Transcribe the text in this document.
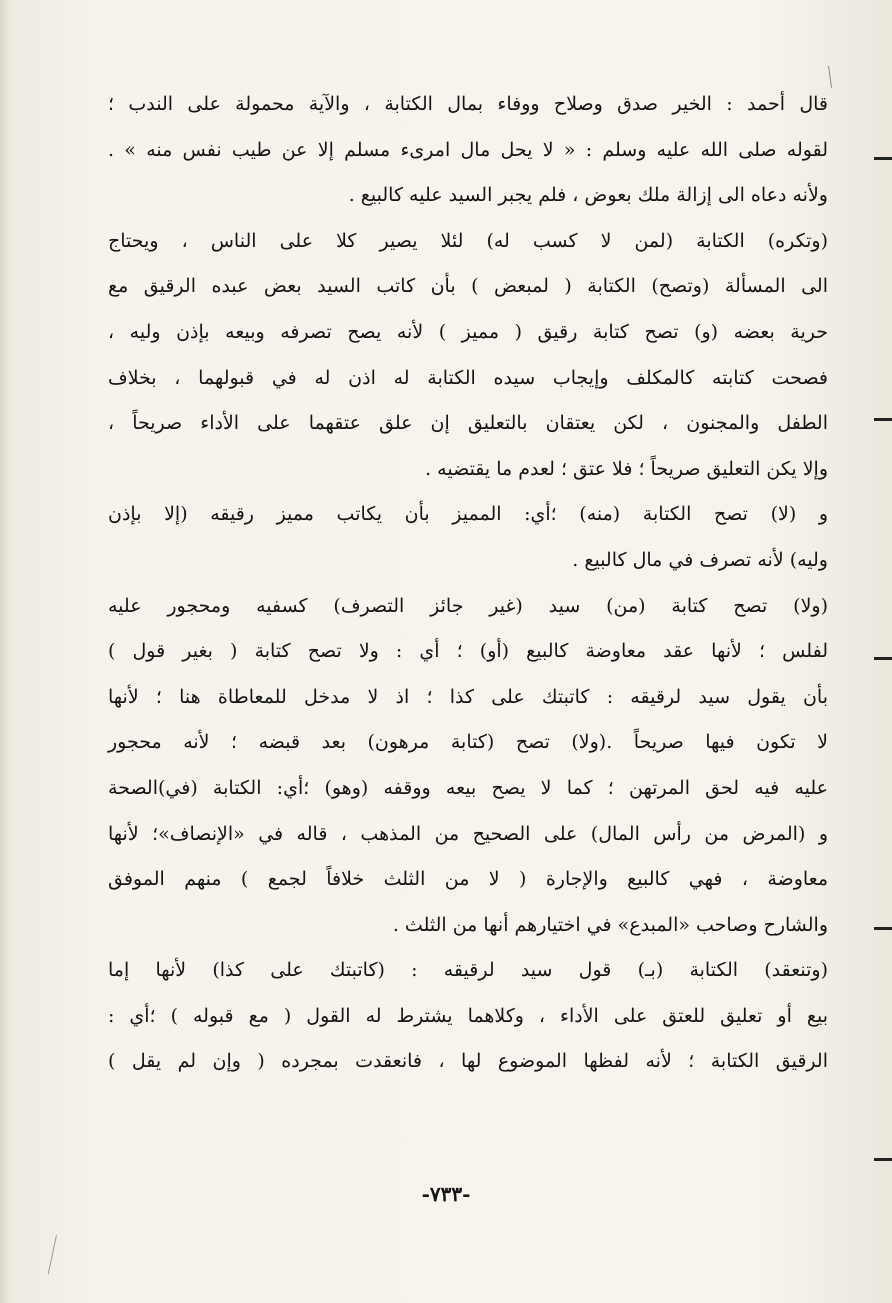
قال أحمد : الخير صدق وصلاح ووفاء بمال الكتابة ، والآية محمولة على الندب ؛
لقوله صلى الله عليه وسلم : « لا يحل مال امرىء مسلم إلا عن طيب نفس منه » .
ولأنه دعاه الى إزالة ملك بعوض ، فلم يجبر السيد عليه كالبيع .
(وتكره) الكتابة (لمن لا كسب له) لئلا يصير كلا على الناس ، ويحتاج
الى المسألة (وتصح) الكتابة ( لمبعض ) بأن كاتب السيد بعض عبده الرقيق مع
حرية بعضه (و) تصح كتابة رقيق ( مميز ) لأنه يصح تصرفه وبيعه بإذن وليه ،
فصحت كتابته كالمكلف وإيجاب سيده الكتابة له اذن له في قبولهما ، بخلاف
الطفل والمجنون ، لكن يعتقان بالتعليق إن علق عتقهما على الأداء صريحاً ،
وإلا يكن التعليق صريحاً ؛ فلا عتق ؛ لعدم ما يقتضيه .
و (لا) تصح الكتابة (منه) ؛أي: المميز بأن يكاتب مميز رقيقه (إلا بإذن
وليه) لأنه تصرف في مال كالبيع .
(ولا) تصح كتابة (من) سيد (غير جائز التصرف) كسفيه ومحجور عليه
لفلس ؛ لأنها عقد معاوضة كالبيع (أو) ؛ أي : ولا تصح كتابة ( بغير قول )
بأن يقول سيد لرقيقه : كاتبتك على كذا ؛ اذ لا مدخل للمعاطاة هنا ؛ لأنها
لا تكون فيها صريحاً .(ولا) تصح (كتابة مرهون) بعد قبضه ؛ لأنه محجور
عليه فيه لحق المرتهن ؛ كما لا يصح بيعه ووقفه (وهو) ؛أي: الكتابة (في)الصحة
و (المرض من رأس المال) على الصحيح من المذهب ، قاله في «الإنصاف»؛ لأنها
معاوضة ، فهي كالبيع والإجارة ( لا من الثلث خلافاً لجمع ) منهم الموفق
والشارح وصاحب «المبدع» في اختيارهم أنها من الثلث .
(وتنعقد) الكتابة (بـ) قول سيد لرقيقه : (كاتبتك على كذا) لأنها إما
بيع أو تعليق للعتق على الأداء ، وكلاهما يشترط له القول ( مع قبوله ) ؛أي :
الرقيق الكتابة ؛ لأنه لفظها الموضوع لها ، فانعقدت بمجرده ( وإن لم يقل )
-٧٣٣-
